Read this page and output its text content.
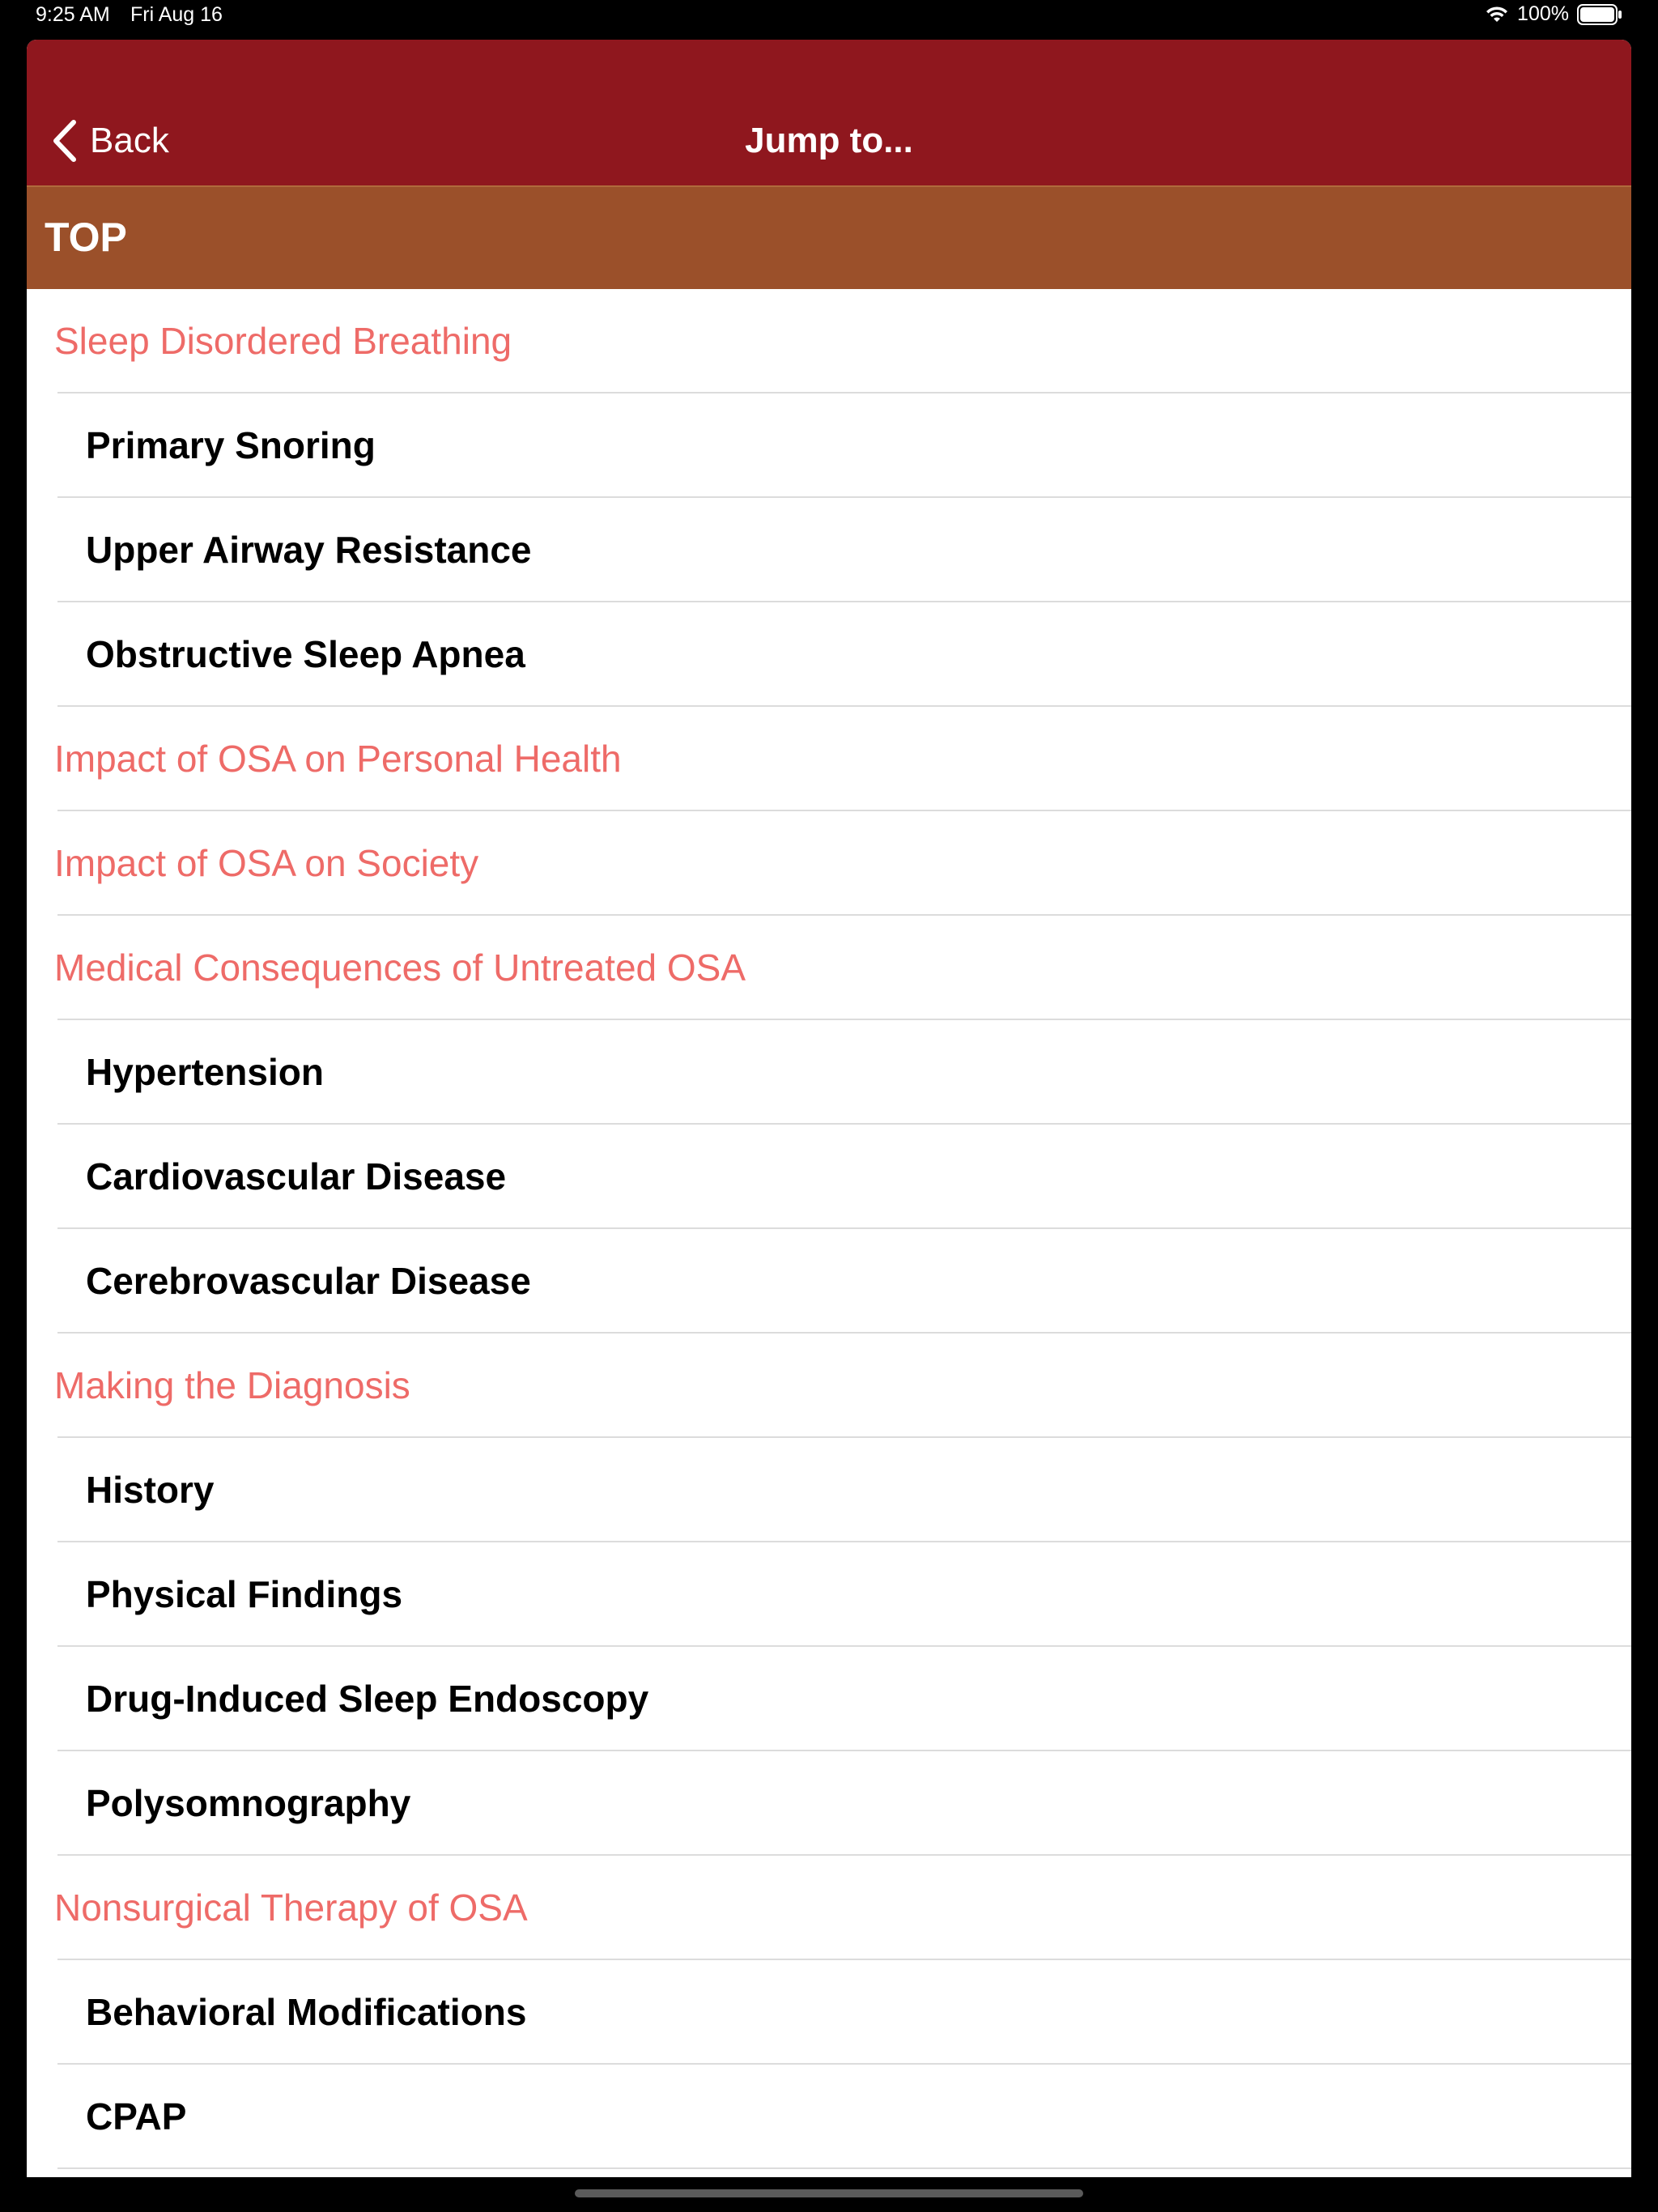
9:25 AM Fri Aug 16	100%
Back	Jump to...
TOP
Sleep Disordered Breathing
Primary Snoring
Upper Airway Resistance
Obstructive Sleep Apnea
Impact of OSA on Personal Health
Impact of OSA on Society
Medical Consequences of Untreated OSA
Hypertension
Cardiovascular Disease
Cerebrovascular Disease
Making the Diagnosis
History
Physical Findings
Drug-Induced Sleep Endoscopy
Polysomnography
Nonsurgical Therapy of OSA
Behavioral Modifications
CPAP
